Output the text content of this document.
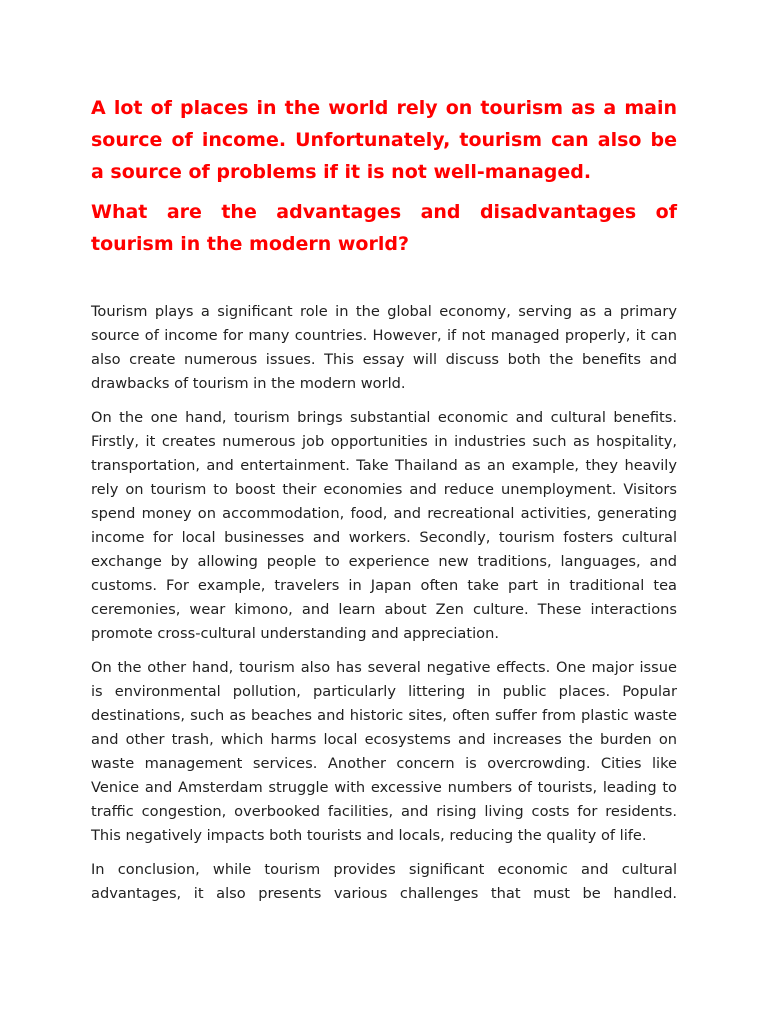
A lot of places in the world rely on tourism as a main source of income. Unfortunately, tourism can also be a source of problems if it is not well-managed.

What are the advantages and disadvantages of tourism in the modern world?

Tourism plays a significant role in the global economy, serving as a primary source of income for many countries. However, if not managed properly, it can also create numerous issues. This essay will discuss both the benefits and drawbacks of tourism in the modern world.

On the one hand, tourism brings substantial economic and cultural benefits. Firstly, it creates numerous job opportunities in industries such as hospitality, transportation, and entertainment. Take Thailand as an example, they heavily rely on tourism to boost their economies and reduce unemployment. Visitors spend money on accommodation, food, and recreational activities, generating income for local businesses and workers. Secondly, tourism fosters cultural exchange by allowing people to experience new traditions, languages, and customs. For example, travelers in Japan often take part in traditional tea ceremonies, wear kimono, and learn about Zen culture. These interactions promote cross-cultural understanding and appreciation.

On the other hand, tourism also has several negative effects. One major issue is environmental pollution, particularly littering in public places. Popular destinations, such as beaches and historic sites, often suffer from plastic waste and other trash, which harms local ecosystems and increases the burden on waste management services. Another concern is overcrowding. Cities like Venice and Amsterdam struggle with excessive numbers of tourists, leading to traffic congestion, overbooked facilities, and rising living costs for residents. This negatively impacts both tourists and locals, reducing the quality of life.

In conclusion, while tourism provides significant economic and cultural advantages, it also presents various challenges that must be handled.
